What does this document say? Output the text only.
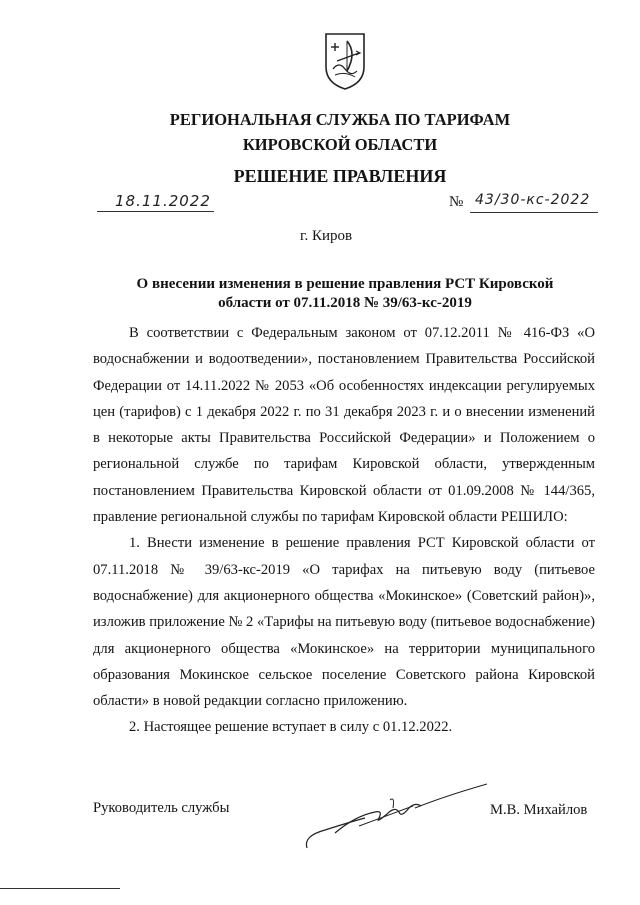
РЕГИОНАЛЬНАЯ СЛУЖБА ПО ТАРИФАМ
КИРОВСКОЙ ОБЛАСТИ
РЕШЕНИЕ ПРАВЛЕНИЯ
18.11.2022	№ 43/30-кс-2022
г. Киров
О внесении изменения в решение правления РСТ Кировской
области от 07.11.2018 № 39/63-кс-2019

В соответствии с Федеральным законом от 07.12.2011 № 416-ФЗ «О водоснабжении и водоотведении», постановлением Правительства Российской Федерации от 14.11.2022 № 2053 «Об особенностях индексации регулируемых цен (тарифов) с 1 декабря 2022 г. по 31 декабря 2023 г. и о внесении изменений в некоторые акты Правительства Российской Федерации» и Положением о региональной службе по тарифам Кировской области, утвержденным постановлением Правительства Кировской области от 01.09.2008 № 144/365, правление региональной службы по тарифам Кировской области РЕШИЛО:

1. Внести изменение в решение правления РСТ Кировской области от 07.11.2018 № 39/63-кс-2019 «О тарифах на питьевую воду (питьевое водоснабжение) для акционерного общества «Мокинское» (Советский район)», изложив приложение № 2 «Тарифы на питьевую воду (питьевое водоснабжение) для акционерного общества «Мокинское» на территории муниципального образования Мокинское сельское поселение Советского района Кировской области» в новой редакции согласно приложению.

2. Настоящее решение вступает в силу с 01.12.2022.

Руководитель службы	М.В. Михайлов
